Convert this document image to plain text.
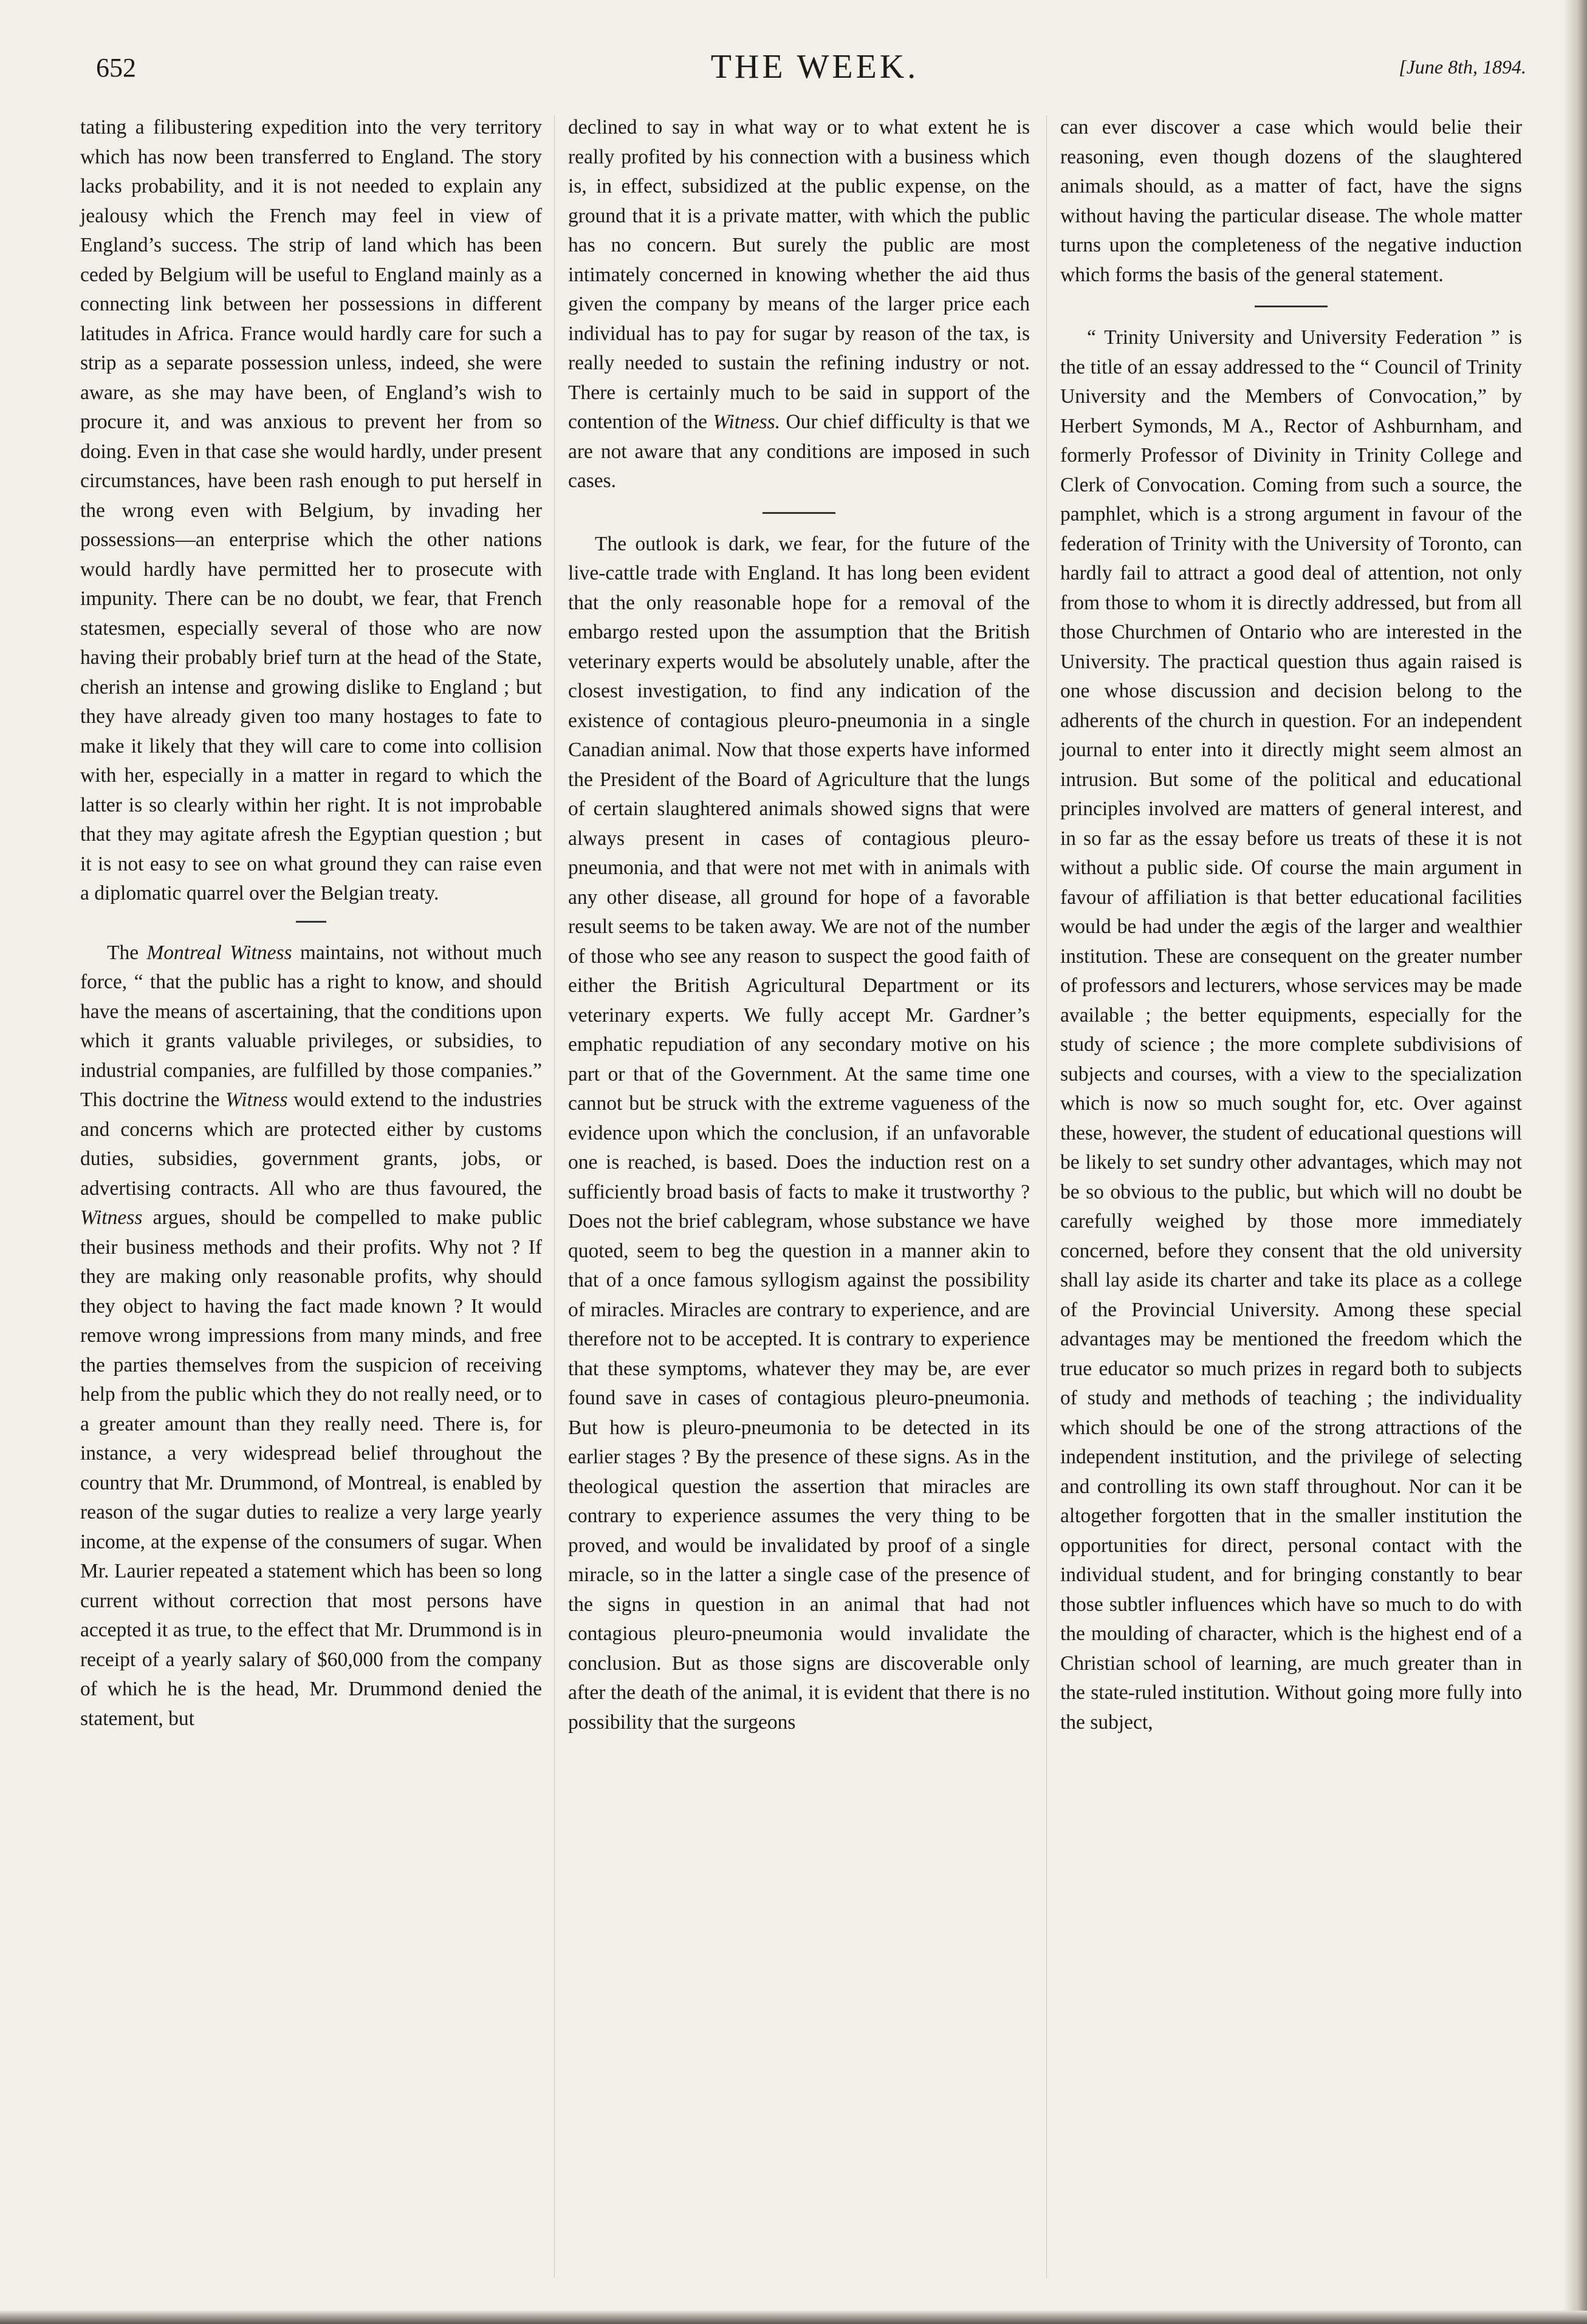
652	THE WEEK.	[June 8th, 1894.

tating a filibustering expedition into the very territory which has now been transferred to England. The story lacks probability, and it is not needed to explain any jealousy which the French may feel in view of England’s success. The strip of land which has been ceded by Belgium will be useful to England mainly as a connecting link between her possessions in different latitudes in Africa. France would hardly care for such a strip as a separate possession unless, indeed, she were aware, as she may have been, of England’s wish to procure it, and was anxious to prevent her from so doing. Even in that case she would hardly, under present circumstances, have been rash enough to put herself in the wrong even with Belgium, by invading her possessions—an enterprise which the other nations would hardly have permitted her to prosecute with impunity. There can be no doubt, we fear, that French statesmen, especially several of those who are now having their probably brief turn at the head of the State, cherish an intense and growing dislike to England ; but they have already given too many hostages to fate to make it likely that they will care to come into collision with her, especially in a matter in regard to which the latter is so clearly within her right. It is not improbable that they may agitate afresh the Egyptian question ; but it is not easy to see on what ground they can raise even a diplomatic quarrel over the Belgian treaty.

The Montreal Witness maintains, not without much force, “ that the public has a right to know, and should have the means of ascertaining, that the conditions upon which it grants valuable privileges, or subsidies, to industrial companies, are fulfilled by those companies.” This doctrine the Witness would extend to the industries and concerns which are protected either by customs duties, subsidies, government grants, jobs, or advertising contracts. All who are thus favoured, the Witness argues, should be compelled to make public their business methods and their profits. Why not ? If they are making only reasonable profits, why should they object to having the fact made known ? It would remove wrong impressions from many minds, and free the parties themselves from the suspicion of receiving help from the public which they do not really need, or to a greater amount than they really need. There is, for instance, a very widespread belief throughout the country that Mr. Drummond, of Montreal, is enabled by reason of the sugar duties to realize a very large yearly income, at the expense of the consumers of sugar. When Mr. Laurier repeated a statement which has been so long current without correction that most persons have accepted it as true, to the effect that Mr. Drummond is in receipt of a yearly salary of $60,000 from the company of which he is the head, Mr. Drummond denied the statement, but

declined to say in what way or to what extent he is really profited by his connection with a business which is, in effect, subsidized at the public expense, on the ground that it is a private matter, with which the public has no concern. But surely the public are most intimately concerned in knowing whether the aid thus given the company by means of the larger price each individual has to pay for sugar by reason of the tax, is really needed to sustain the refining industry or not. There is certainly much to be said in support of the contention of the Witness. Our chief difficulty is that we are not aware that any conditions are imposed in such cases.

The outlook is dark, we fear, for the future of the live-cattle trade with England. It has long been evident that the only reasonable hope for a removal of the embargo rested upon the assumption that the British veterinary experts would be absolutely unable, after the closest investigation, to find any indication of the existence of contagious pleuro-pneumonia in a single Canadian animal. Now that those experts have informed the President of the Board of Agriculture that the lungs of certain slaughtered animals showed signs that were always present in cases of contagious pleuro-pneumonia, and that were not met with in animals with any other disease, all ground for hope of a favorable result seems to be taken away. We are not of the number of those who see any reason to suspect the good faith of either the British Agricultural Department or its veterinary experts. We fully accept Mr. Gardner’s emphatic repudiation of any secondary motive on his part or that of the Government. At the same time one cannot but be struck with the extreme vagueness of the evidence upon which the conclusion, if an unfavorable one is reached, is based. Does the induction rest on a sufficiently broad basis of facts to make it trustworthy ? Does not the brief cablegram, whose substance we have quoted, seem to beg the question in a manner akin to that of a once famous syllogism against the possibility of miracles. Miracles are contrary to experience, and are therefore not to be accepted. It is contrary to experience that these symptoms, whatever they may be, are ever found save in cases of contagious pleuro-pneumonia. But how is pleuro-pneumonia to be detected in its earlier stages ? By the presence of these signs. As in the theological question the assertion that miracles are contrary to experience assumes the very thing to be proved, and would be invalidated by proof of a single miracle, so in the latter a single case of the presence of the signs in question in an animal that had not contagious pleuro-pneumonia would invalidate the conclusion. But as those signs are discoverable only after the death of the animal, it is evident that there is no possibility that the surgeons

can ever discover a case which would belie their reasoning, even though dozens of the slaughtered animals should, as a matter of fact, have the signs without having the particular disease. The whole matter turns upon the completeness of the negative induction which forms the basis of the general statement.

“ Trinity University and University Federation ” is the title of an essay addressed to the “ Council of Trinity University and the Members of Convocation,” by Herbert Symonds, M A., Rector of Ashburnham, and formerly Professor of Divinity in Trinity College and Clerk of Convocation. Coming from such a source, the pamphlet, which is a strong argument in favour of the federation of Trinity with the University of Toronto, can hardly fail to attract a good deal of attention, not only from those to whom it is directly addressed, but from all those Churchmen of Ontario who are interested in the University. The practical question thus again raised is one whose discussion and decision belong to the adherents of the church in question. For an independent journal to enter into it directly might seem almost an intrusion. But some of the political and educational principles involved are matters of general interest, and in so far as the essay before us treats of these it is not without a public side. Of course the main argument in favour of affiliation is that better educational facilities would be had under the ægis of the larger and wealthier institution. These are consequent on the greater number of professors and lecturers, whose services may be made available ; the better equipments, especially for the study of science ; the more complete subdivisions of subjects and courses, with a view to the specialization which is now so much sought for, etc. Over against these, however, the student of educational questions will be likely to set sundry other advantages, which may not be so obvious to the public, but which will no doubt be carefully weighed by those more immediately concerned, before they consent that the old university shall lay aside its charter and take its place as a college of the Provincial University. Among these special advantages may be mentioned the freedom which the true educator so much prizes in regard both to subjects of study and methods of teaching ; the individuality which should be one of the strong attractions of the independent institution, and the privilege of selecting and controlling its own staff throughout. Nor can it be altogether forgotten that in the smaller institution the opportunities for direct, personal contact with the individual student, and for bringing constantly to bear those subtler influences which have so much to do with the moulding of character, which is the highest end of a Christian school of learning, are much greater than in the state-ruled institution. Without going more fully into the subject,
